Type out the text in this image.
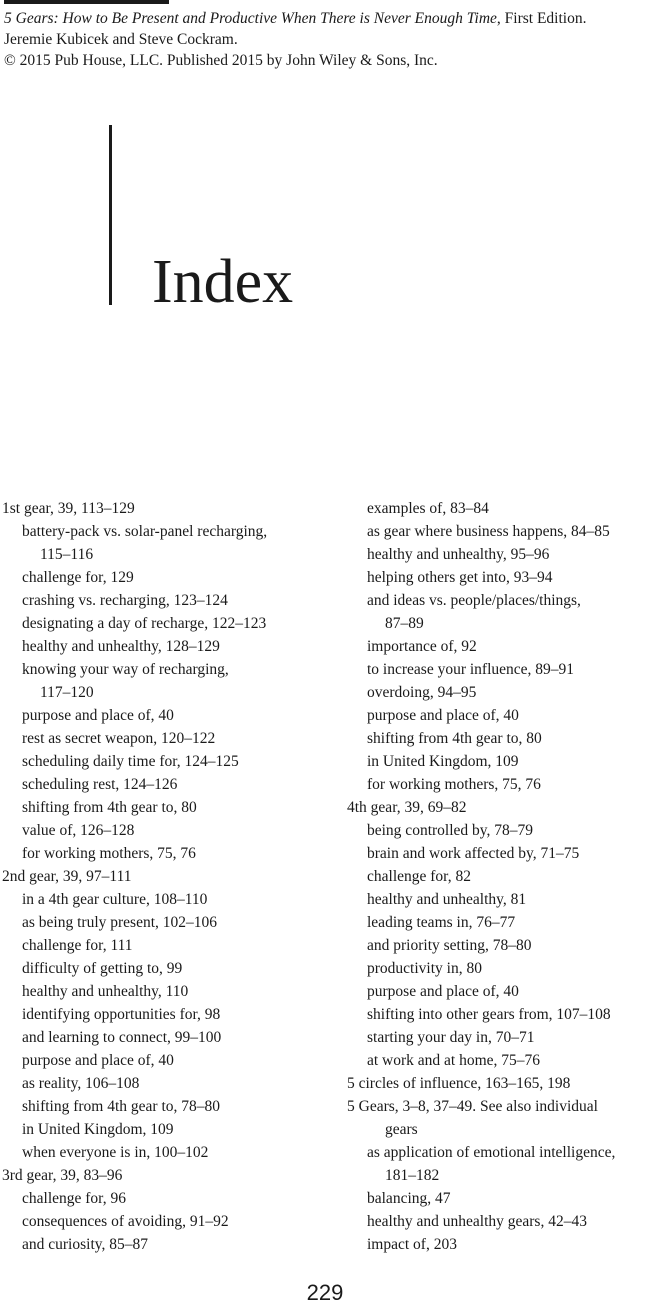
5 Gears: How to Be Present and Productive When There is Never Enough Time, First Edition.
Jeremie Kubicek and Steve Cockram.
© 2015 Pub House, LLC. Published 2015 by John Wiley & Sons, Inc.
Index
1st gear, 39, 113–129
battery-pack vs. solar-panel recharging,
115–116
challenge for, 129
crashing vs. recharging, 123–124
designating a day of recharge, 122–123
healthy and unhealthy, 128–129
knowing your way of recharging,
117–120
purpose and place of, 40
rest as secret weapon, 120–122
scheduling daily time for, 124–125
scheduling rest, 124–126
shifting from 4th gear to, 80
value of, 126–128
for working mothers, 75, 76
2nd gear, 39, 97–111
in a 4th gear culture, 108–110
as being truly present, 102–106
challenge for, 111
difficulty of getting to, 99
healthy and unhealthy, 110
identifying opportunities for, 98
and learning to connect, 99–100
purpose and place of, 40
as reality, 106–108
shifting from 4th gear to, 78–80
in United Kingdom, 109
when everyone is in, 100–102
3rd gear, 39, 83–96
challenge for, 96
consequences of avoiding, 91–92
and curiosity, 85–87
examples of, 83–84
as gear where business happens, 84–85
healthy and unhealthy, 95–96
helping others get into, 93–94
and ideas vs. people/places/things,
87–89
importance of, 92
to increase your influence, 89–91
overdoing, 94–95
purpose and place of, 40
shifting from 4th gear to, 80
in United Kingdom, 109
for working mothers, 75, 76
4th gear, 39, 69–82
being controlled by, 78–79
brain and work affected by, 71–75
challenge for, 82
healthy and unhealthy, 81
leading teams in, 76–77
and priority setting, 78–80
productivity in, 80
purpose and place of, 40
shifting into other gears from, 107–108
starting your day in, 70–71
at work and at home, 75–76
5 circles of influence, 163–165, 198
5 Gears, 3–8, 37–49. See also individual
gears
as application of emotional intelligence,
181–182
balancing, 47
healthy and unhealthy gears, 42–43
impact of, 203
229
